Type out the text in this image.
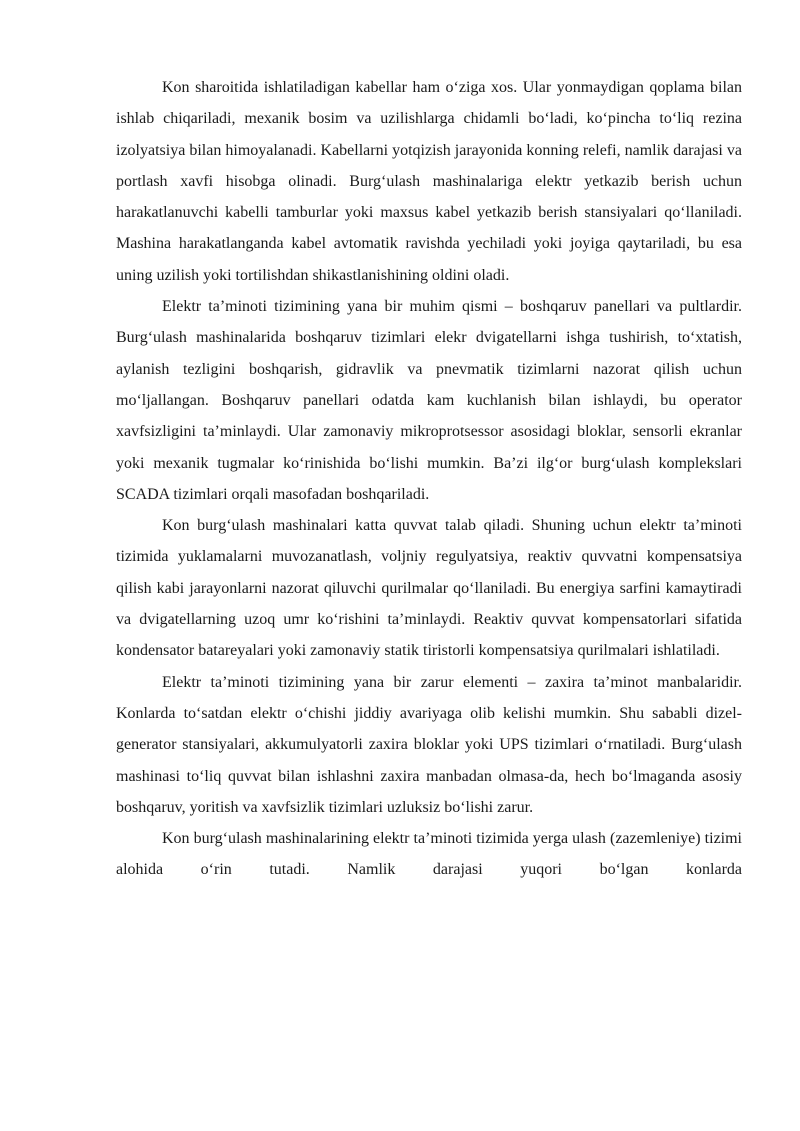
Kon sharoitida ishlatiladigan kabellar ham o‘ziga xos. Ular yonmaydigan qoplama bilan ishlab chiqariladi, mexanik bosim va uzilishlarga chidamli bo‘ladi, ko‘pincha to‘liq rezina izolyatsiya bilan himoyalanadi. Kabellarni yotqizish jarayonida konning relefi, namlik darajasi va portlash xavfi hisobga olinadi. Burg‘ulash mashinalariga elektr yetkazib berish uchun harakatlanuvchi kabelli tamburlar yoki maxsus kabel yetkazib berish stansiyalari qo‘llaniladi. Mashina harakatlanganda kabel avtomatik ravishda yechiladi yoki joyiga qaytariladi, bu esa uning uzilish yoki tortilishdan shikastlanishining oldini oladi.

Elektr ta’minoti tizimining yana bir muhim qismi – boshqaruv panellari va pultlardir. Burg‘ulash mashinalarida boshqaruv tizimlari elekr dvigatellarni ishga tushirish, to‘xtatish, aylanish tezligini boshqarish, gidravlik va pnevmatik tizimlarni nazorat qilish uchun mo‘ljallangan. Boshqaruv panellari odatda kam kuchlanish bilan ishlaydi, bu operator xavfsizligini ta’minlaydi. Ular zamonaviy mikroprotsessor asosidagi bloklar, sensorli ekranlar yoki mexanik tugmalar ko‘rinishida bo‘lishi mumkin. Ba’zi ilg‘or burg‘ulash komplekslari SCADA tizimlari orqali masofadan boshqariladi.

Kon burg‘ulash mashinalari katta quvvat talab qiladi. Shuning uchun elektr ta’minoti tizimida yuklamalarni muvozanatlash, voljniy regulyatsiya, reaktiv quvvatni kompensatsiya qilish kabi jarayonlarni nazorat qiluvchi qurilmalar qo‘llaniladi. Bu energiya sarfini kamaytiradi va dvigatellarning uzoq umr ko‘rishini ta’minlaydi. Reaktiv quvvat kompensatorlari sifatida kondensator batareyalari yoki zamonaviy statik tiristorli kompensatsiya qurilmalari ishlatiladi.

Elektr ta’minoti tizimining yana bir zarur elementi – zaxira ta’minot manbalaridir. Konlarda to‘satdan elektr o‘chishi jiddiy avariyaga olib kelishi mumkin. Shu sababli dizel-generator stansiyalari, akkumulyatorli zaxira bloklar yoki UPS tizimlari o‘rnatiladi. Burg‘ulash mashinasi to‘liq quvvat bilan ishlashni zaxira manbadan olmasa-da, hech bo‘lmaganda asosiy boshqaruv, yoritish va xavfsizlik tizimlari uzluksiz bo‘lishi zarur.

Kon burg‘ulash mashinalarining elektr ta’minoti tizimida yerga ulash (zazemleniye) tizimi alohida o‘rin tutadi. Namlik darajasi yuqori bo‘lgan konlarda
